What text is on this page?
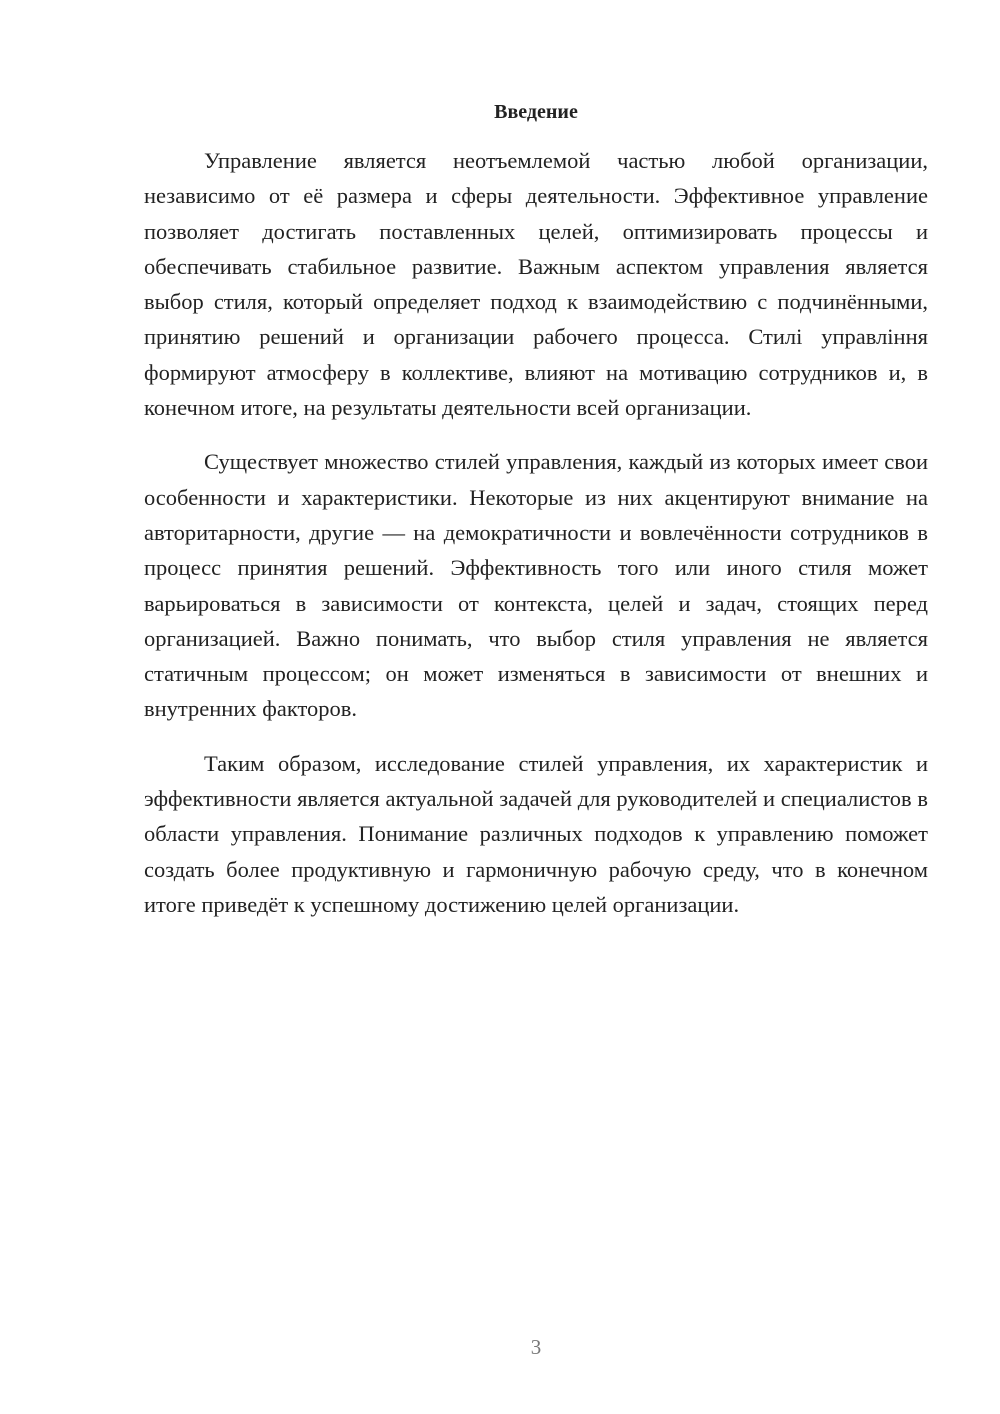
Введение

Управление является неотъемлемой частью любой организации, независимо от её размера и сферы деятельности. Эффективное управление позволяет достигать поставленных целей, оптимизировать процессы и обеспечивать стабильное развитие. Важным аспектом управления является выбор стиля, который определяет подход к взаимодействию с подчинёнными, принятию решений и организации рабочего процесса. Стилі управління формируют атмосферу в коллективе, влияют на мотивацию сотрудников и, в конечном итоге, на результаты деятельности всей организации.

Существует множество стилей управления, каждый из которых имеет свои особенности и характеристики. Некоторые из них акцентируют внимание на авторитарности, другие — на демократичности и вовлечённости сотрудников в процесс принятия решений. Эффективность того или иного стиля может варьироваться в зависимости от контекста, целей и задач, стоящих перед организацией. Важно понимать, что выбор стиля управления не является статичным процессом; он может изменяться в зависимости от внешних и внутренних факторов.

Таким образом, исследование стилей управления, их характеристик и эффективности является актуальной задачей для руководителей и специалистов в области управления. Понимание различных подходов к управлению поможет создать более продуктивную и гармоничную рабочую среду, что в конечном итоге приведёт к успешному достижению целей организации.

3
